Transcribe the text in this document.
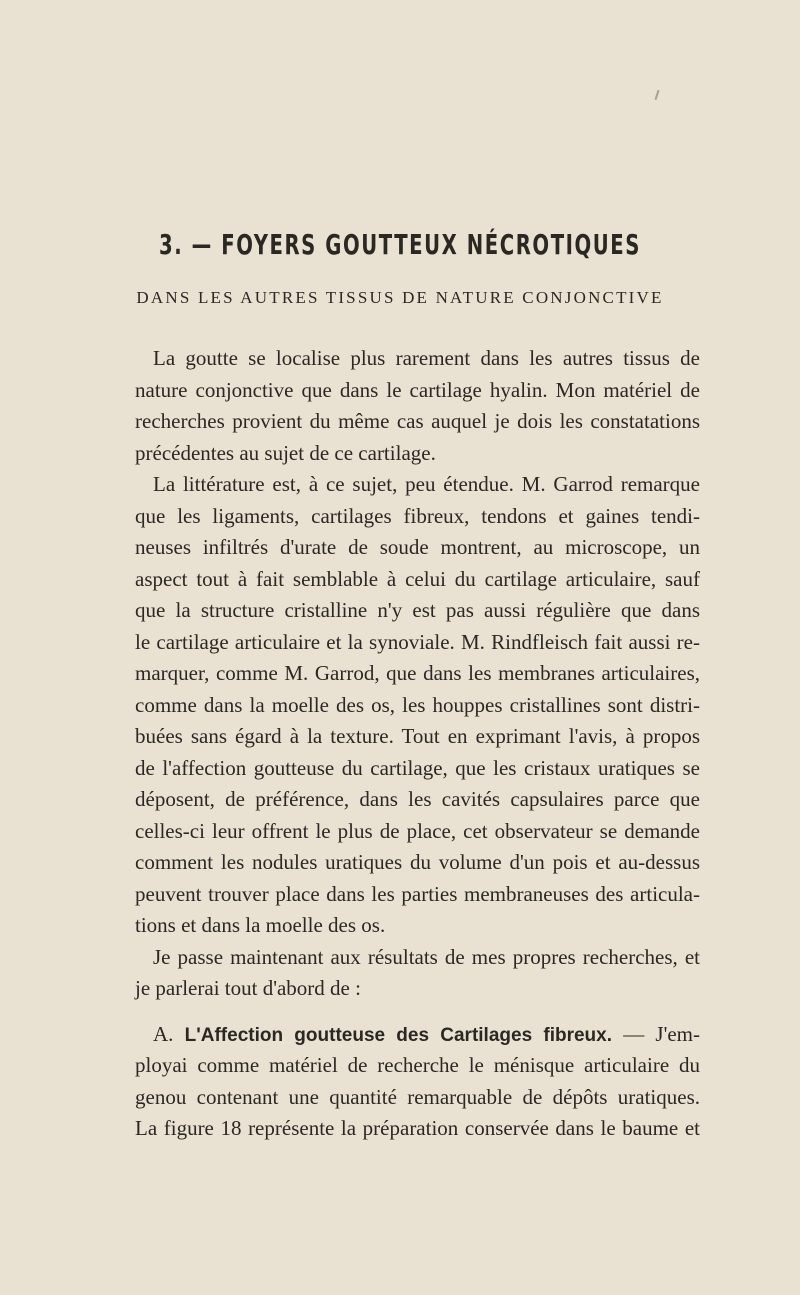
3. — FOYERS GOUTTEUX NÉCROTIQUES
DANS LES AUTRES TISSUS DE NATURE CONJONCTIVE
La goutte se localise plus rarement dans les autres tissus de
nature conjonctive que dans le cartilage hyalin. Mon matériel de
recherches provient du même cas auquel je dois les constatations
précédentes au sujet de ce cartilage.
La littérature est, à ce sujet, peu étendue. M. Garrod remarque
que les ligaments, cartilages fibreux, tendons et gaines tendi-
neuses infiltrés d'urate de soude montrent, au microscope, un
aspect tout à fait semblable à celui du cartilage articulaire, sauf
que la structure cristalline n'y est pas aussi régulière que dans
le cartilage articulaire et la synoviale. M. Rindfleisch fait aussi re-
marquer, comme M. Garrod, que dans les membranes articulaires,
comme dans la moelle des os, les houppes cristallines sont distri-
buées sans égard à la texture. Tout en exprimant l'avis, à propos
de l'affection goutteuse du cartilage, que les cristaux uratiques se
déposent, de préférence, dans les cavités capsulaires parce que
celles-ci leur offrent le plus de place, cet observateur se demande
comment les nodules uratiques du volume d'un pois et au-dessus
peuvent trouver place dans les parties membraneuses des articula-
tions et dans la moelle des os.
Je passe maintenant aux résultats de mes propres recherches, et
je parlerai tout d'abord de :
A. L'Affection goutteuse des Cartilages fibreux. — J'em-
ployai comme matériel de recherche le ménisque articulaire du
genou contenant une quantité remarquable de dépôts uratiques.
La figure 18 représente la préparation conservée dans le baume et
